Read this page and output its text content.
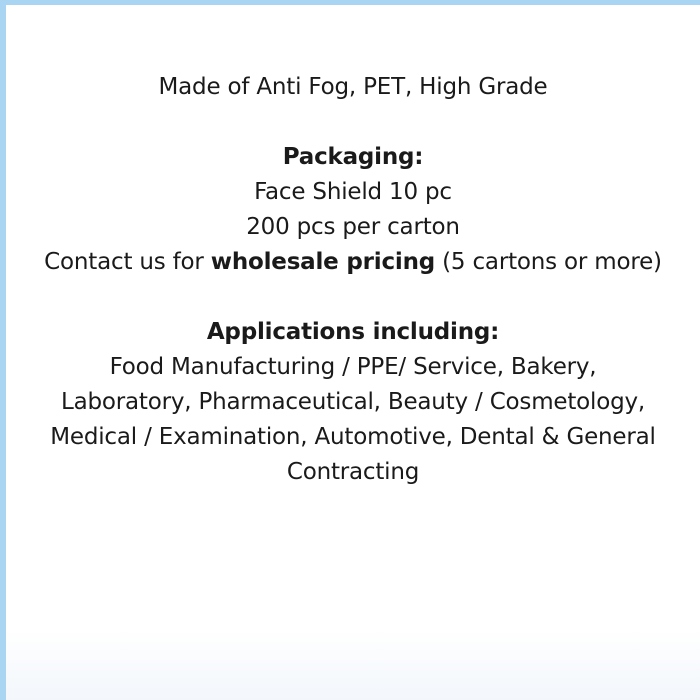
Made of Anti Fog, PET, High Grade
Packaging:
Face Shield 10 pc
200 pcs per carton
Contact us for wholesale pricing (5 cartons or more)
Applications including:
Food Manufacturing / PPE/ Service, Bakery,
Laboratory, Pharmaceutical, Beauty / Cosmetology,
Medical / Examination, Automotive, Dental & General
Contracting
